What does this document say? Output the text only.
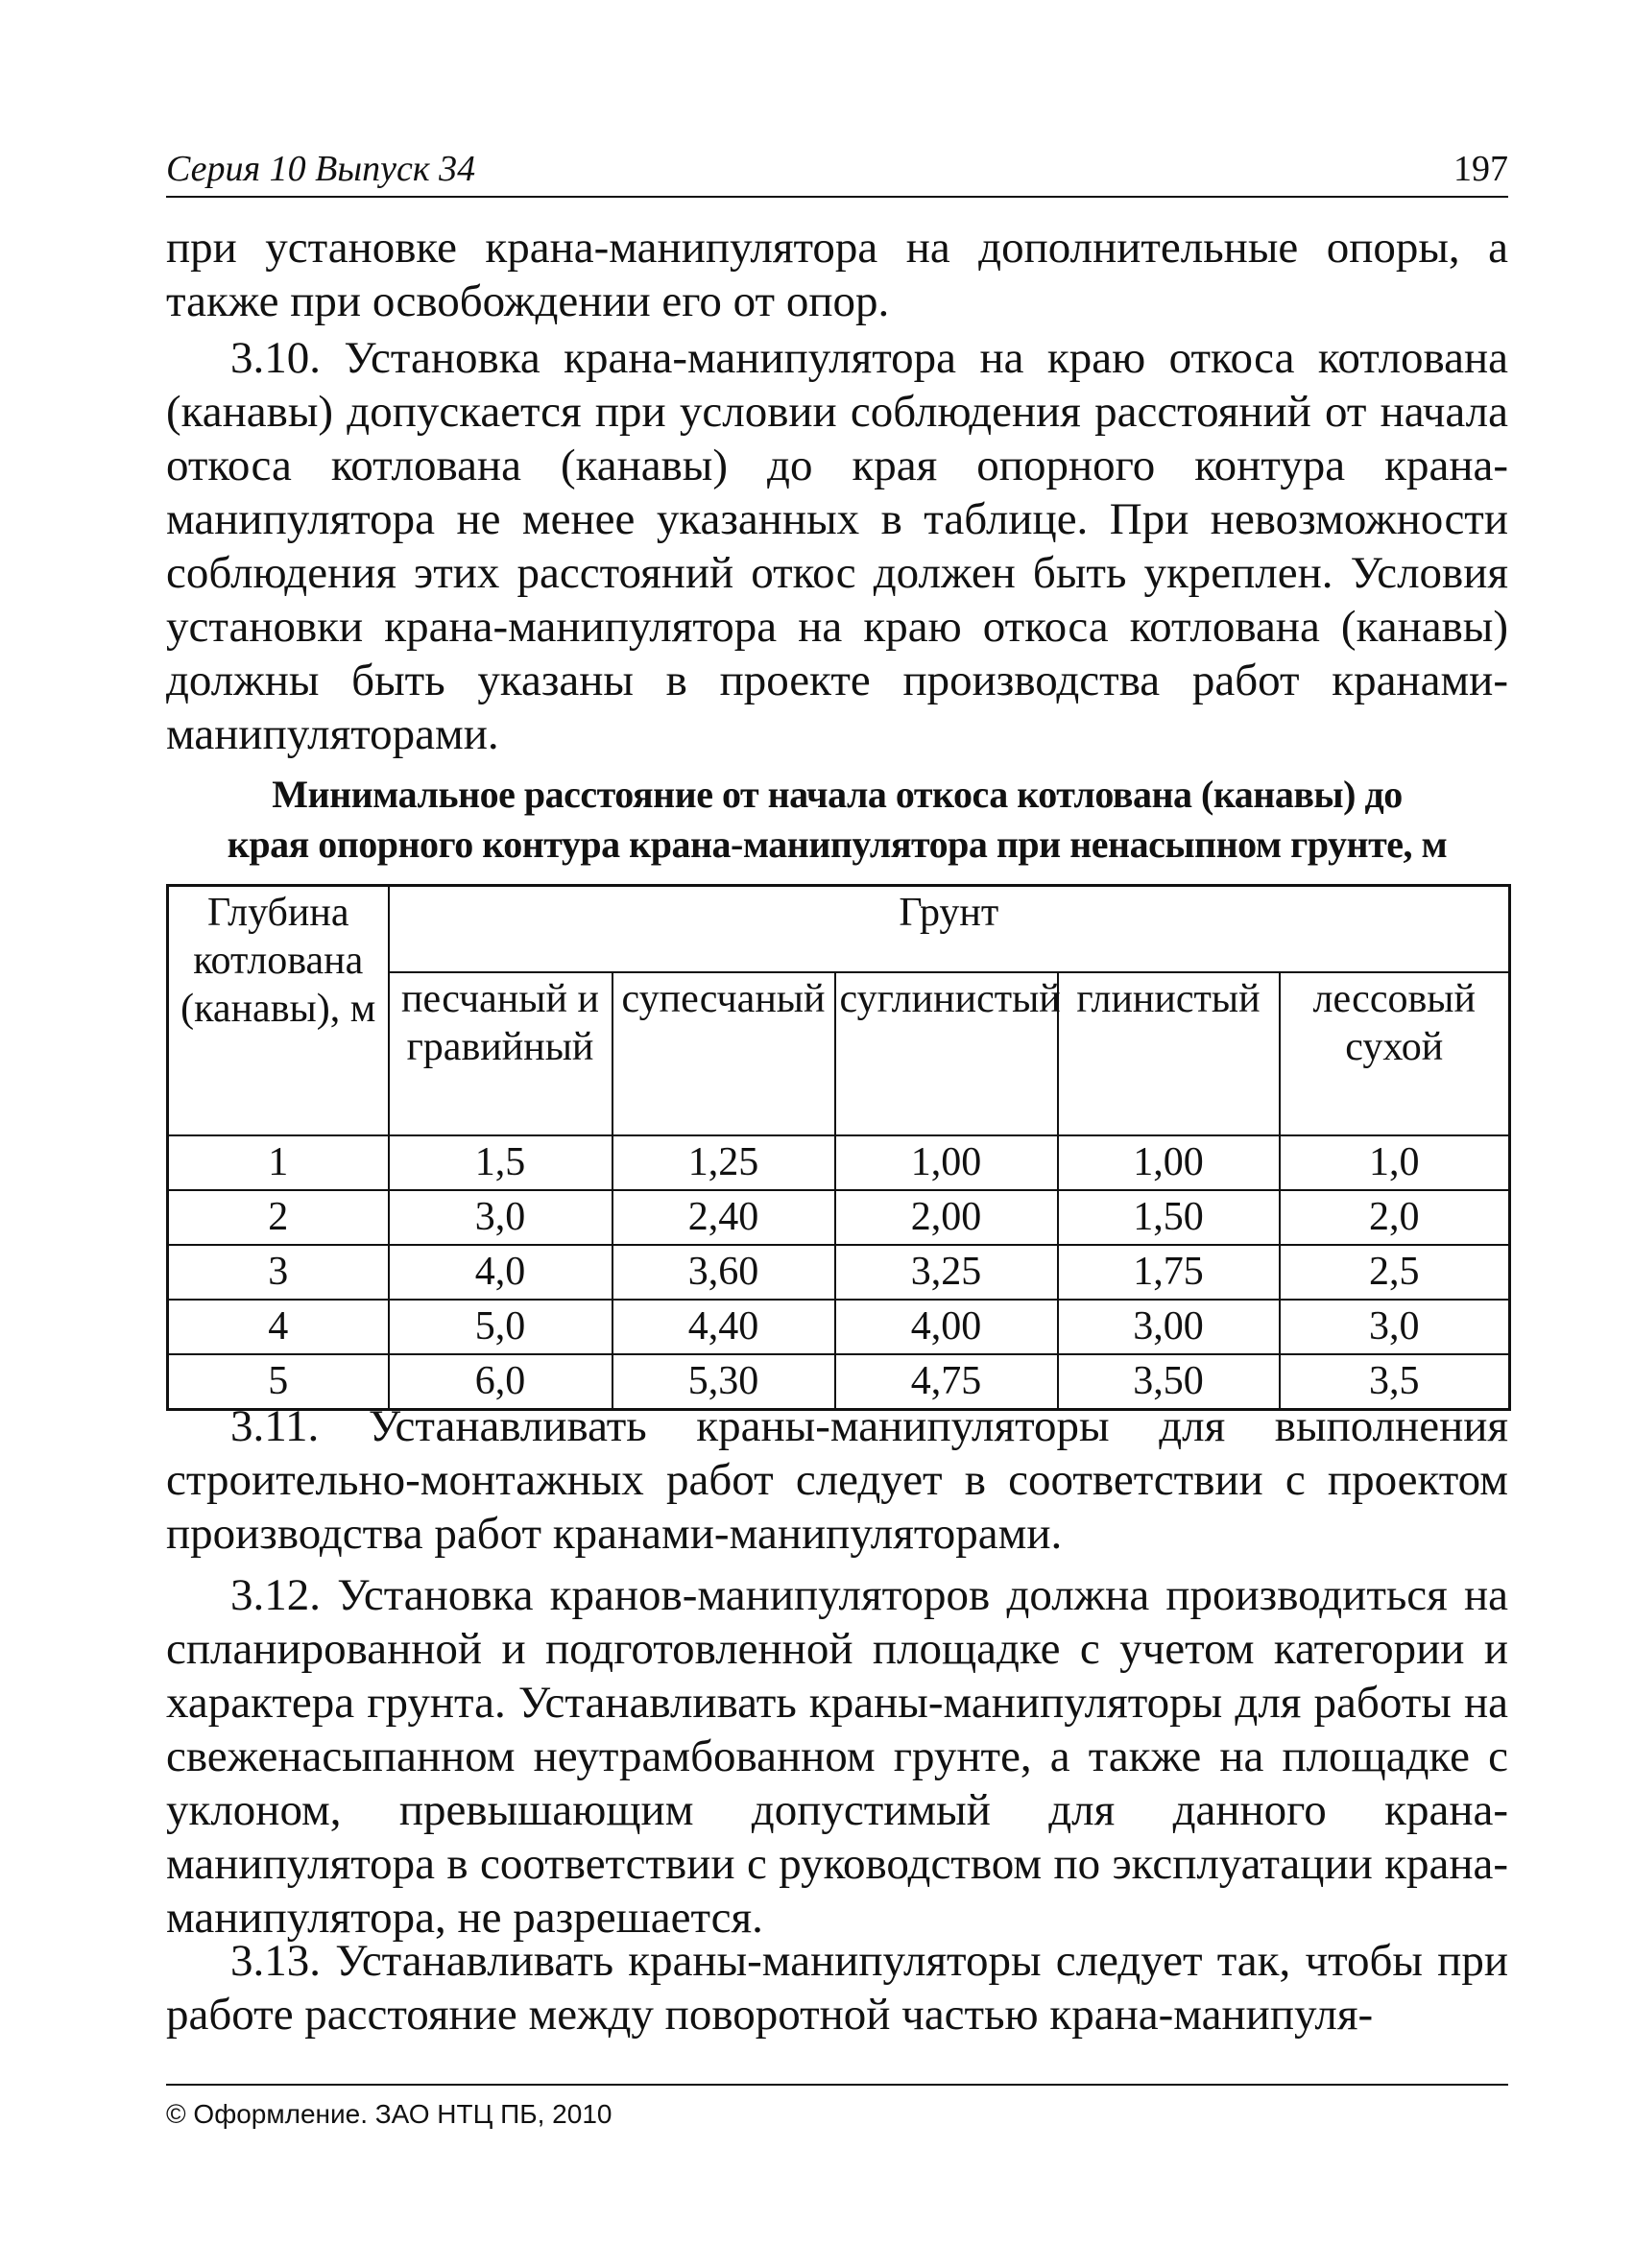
Серия 10 Выпуск 34	197

при установке крана-манипулятора на дополнительные опоры, а также при освобождении его от опор.

3.10. Установка крана-манипулятора на краю откоса котлована (канавы) допускается при условии соблюдения расстояний от начала откоса котлована (канавы) до края опорного контура крана-манипулятора не менее указанных в таблице. При невозможности соблюдения этих расстояний откос должен быть укреплен. Условия установки крана-манипулятора на краю откоса котлована (канавы) должны быть указаны в проекте производства работ кранами-манипуляторами.

Минимальное расстояние от начала откоса котлована (канавы) до
края опорного контура крана-манипулятора при ненасыпном грунте, м

Глубина котлована (канавы), м	Грунт				
	песчаный и гравийный	супесчаный	суглинистый	глинистый	лессовый сухой
1	1,5	1,25	1,00	1,00	1,0
2	3,0	2,40	2,00	1,50	2,0
3	4,0	3,60	3,25	1,75	2,5
4	5,0	4,40	4,00	3,00	3,0
5	6,0	5,30	4,75	3,50	3,5

3.11. Устанавливать краны-манипуляторы для выполнения строительно-монтажных работ следует в соответствии с проектом производства работ кранами-манипуляторами.

3.12. Установка кранов-манипуляторов должна производиться на спланированной и подготовленной площадке с учетом категории и характера грунта. Устанавливать краны-манипуляторы для работы на свеженасыпанном неутрамбованном грунте, а также на площадке с уклоном, превышающим допустимый для данного крана-манипулятора в соответствии с руководством по эксплуатации крана-манипулятора, не разрешается.

3.13. Устанавливать краны-манипуляторы следует так, чтобы при работе расстояние между поворотной частью крана-манипуля-

© Оформление. ЗАО НТЦ ПБ, 2010
